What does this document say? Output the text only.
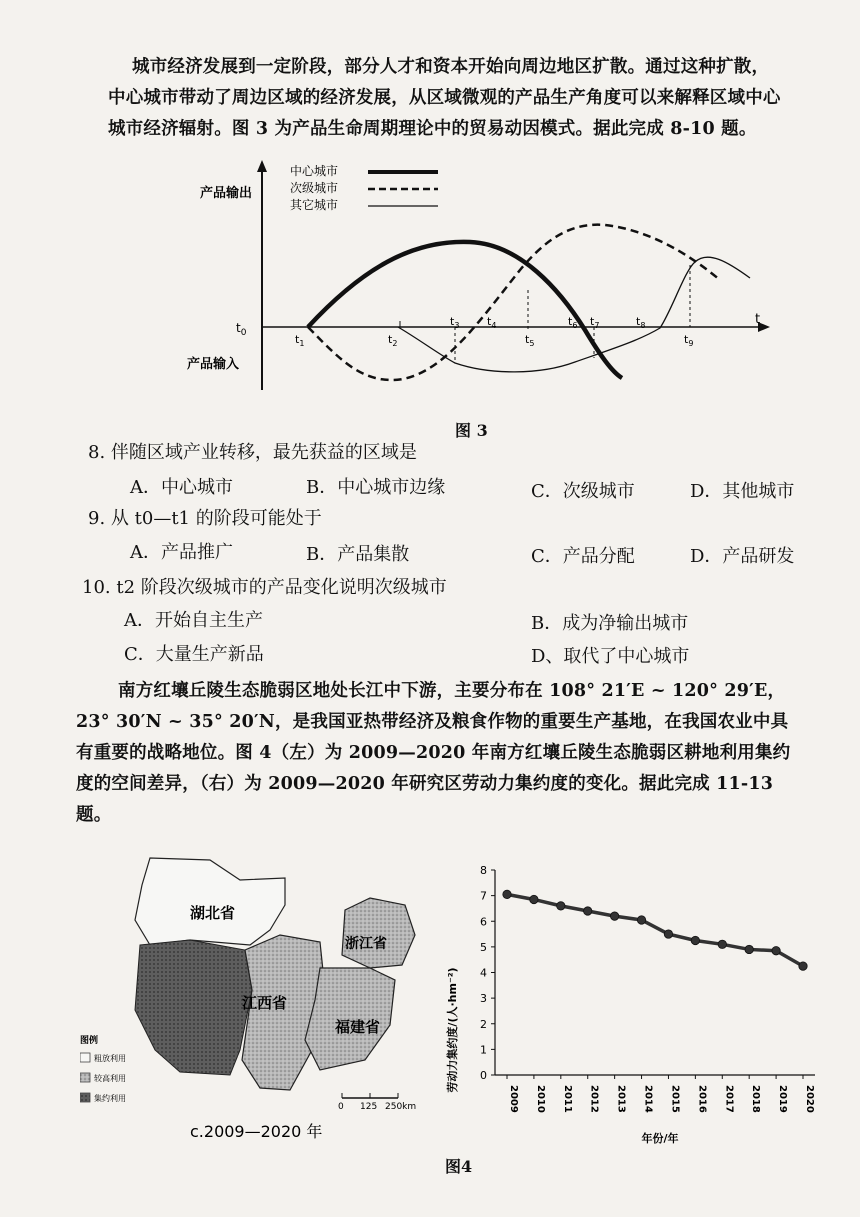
城市经济发展到一定阶段，部分人才和资本开始向周边地区扩散。通过这种扩散，
中心城市带动了周边区域的经济发展，从区域微观的产品生产角度可以来解释区域中心
城市经济辐射。图 3 为产品生命周期理论中的贸易动因模式。据此完成 8-10 题。
产品输出
产品输入
$t_0$
t
中心城市
次级城市
其它城市
$t_1$	$t_2$
$t_3$	$t_4$
$t_5$
$t_6$ $t_7$	$t_8$
$t_9$
图 3
8. 伴随区域产业转移，最先获益的区域是
A．中心城市	B．中心城市边缘	C．次级城市	D．其他城市
9. 从 t0—t1 的阶段可能处于
A．产品推广	B．产品集散	C．产品分配	D．产品研发
10. t2 阶段次级城市的产品变化说明次级城市
A．开始自主生产	B．成为净输出城市
C．大量生产新品	D、取代了中心城市
南方红壤丘陵生态脆弱区地处长江中下游，主要分布在 108° 21′E ~ 120° 29′E，
23° 30′N ~ 35° 20′N，是我国亚热带经济及粮食作物的重要生产基地，在我国农业中具
有重要的战略地位。图 4（左）为 2009—2020 年南方红壤丘陵生态脆弱区耕地利用集约
度的空间差异，（右）为 2009—2020 年研究区劳动力集约度的变化。据此完成 11-13
题。
湖北省
江西省
浙江省
福建省
图例
粗放利用
较高利用
集约利用
0 125 250km
c.2009—2020 年
0
1
2
3
4
5
6
7
8
2009 2010 2011 2012 2013 2014 2015 2016 2017 2018 2019 2020
劳动力集约度/(人·hm⁻²)
年份/年
图4
